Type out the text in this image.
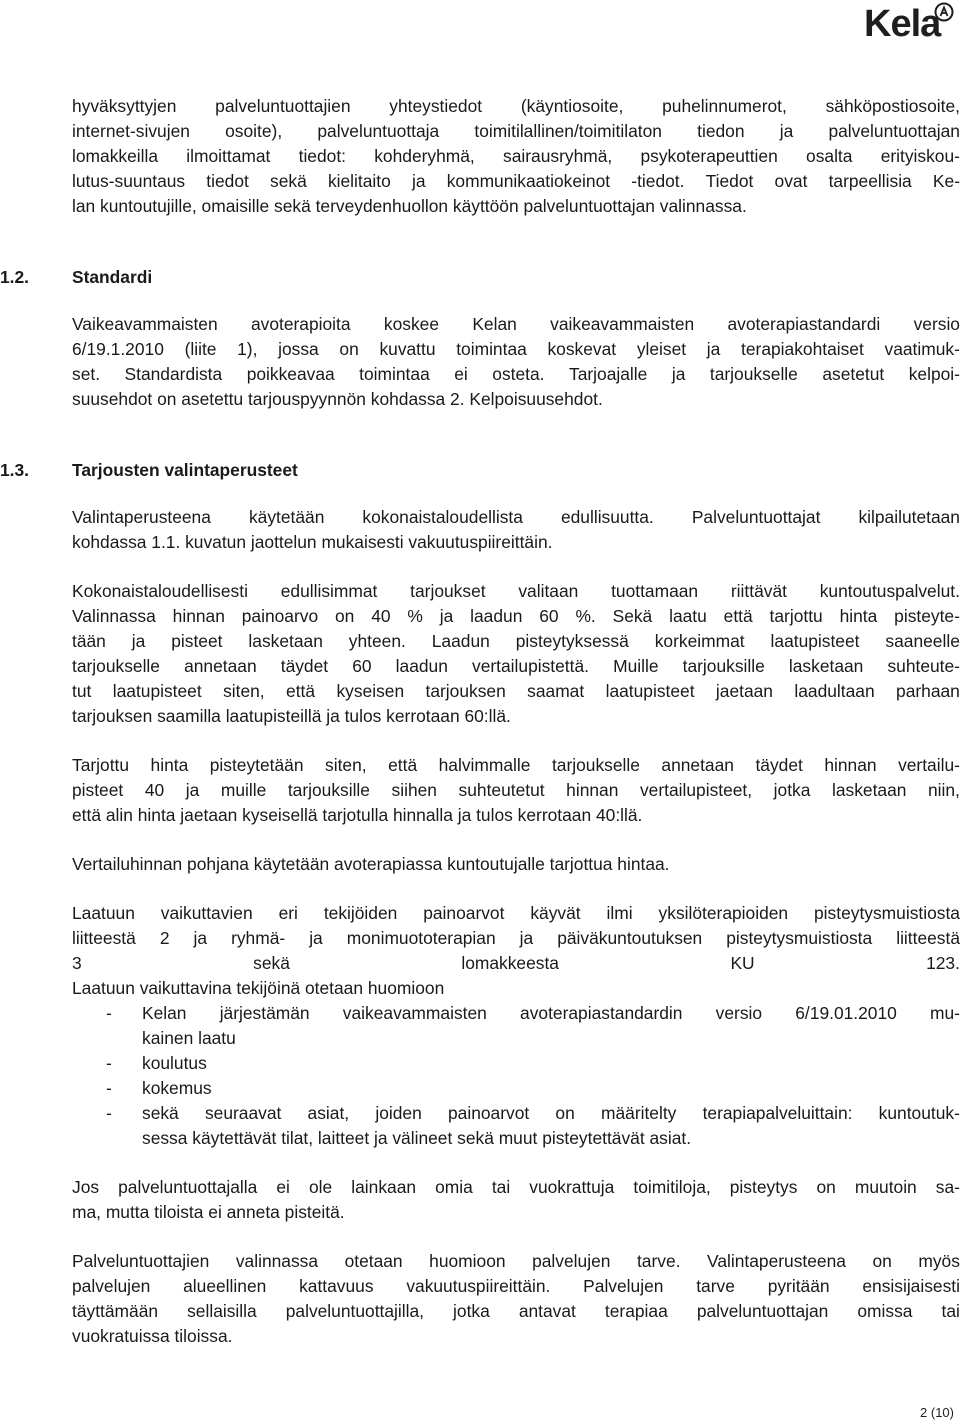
Kela
hyväksyttyjen palveluntuottajien yhteystiedot (käyntiosoite, puhelinnumerot, sähköpostiosoite,
internet-sivujen osoite), palveluntuottaja toimitilallinen/toimitilaton tiedon ja palveluntuottajan
lomakkeilla ilmoittamat tiedot: kohderyhmä, sairausryhmä, psykoterapeuttien osalta erityiskou-
lutus-suuntaus tiedot sekä kielitaito ja kommunikaatiokeinot -tiedot. Tiedot ovat tarpeellisia Ke-
lan kuntoutujille, omaisille sekä terveydenhuollon käyttöön palveluntuottajan valinnassa.
1.2. Standardi
Vaikeavammaisten avoterapioita koskee Kelan vaikeavammaisten avoterapiastandardi versio
6/19.1.2010 (liite 1), jossa on kuvattu toimintaa koskevat yleiset ja terapiakohtaiset vaatimuk-
set. Standardista poikkeavaa toimintaa ei osteta. Tarjoajalle ja tarjoukselle asetetut kelpoi-
suusehdot on asetettu tarjouspyynnön kohdassa 2. Kelpoisuusehdot.
1.3. Tarjousten valintaperusteet
Valintaperusteena käytetään kokonaistaloudellista edullisuutta. Palveluntuottajat kilpailutetaan
kohdassa 1.1. kuvatun jaottelun mukaisesti vakuutuspiireittäin.
Kokonaistaloudellisesti edullisimmat tarjoukset valitaan tuottamaan riittävät kuntoutuspalvelut.
Valinnassa hinnan painoarvo on 40 % ja laadun 60 %. Sekä laatu että tarjottu hinta pisteyte-
tään ja pisteet lasketaan yhteen. Laadun pisteytyksessä korkeimmat laatupisteet saaneelle
tarjoukselle annetaan täydet 60 laadun vertailupistettä. Muille tarjouksille lasketaan suhteute-
tut laatupisteet siten, että kyseisen tarjouksen saamat laatupisteet jaetaan laadultaan parhaan
tarjouksen saamilla laatupisteillä ja tulos kerrotaan 60:llä.
Tarjottu hinta pisteytetään siten, että halvimmalle tarjoukselle annetaan täydet hinnan vertailu-
pisteet 40 ja muille tarjouksille siihen suhteutetut hinnan vertailupisteet, jotka lasketaan niin,
että alin hinta jaetaan kyseisellä tarjotulla hinnalla ja tulos kerrotaan 40:llä.
Vertailuhinnan pohjana käytetään avoterapiassa kuntoutujalle tarjottua hintaa.
Laatuun vaikuttavien eri tekijöiden painoarvot käyvät ilmi yksilöterapioiden pisteytysmuistiosta
liitteestä 2 ja ryhmä- ja monimuototerapian ja päiväkuntoutuksen pisteytysmuistiosta liitteestä
3	sekä	lomakkeesta	KU	123.
Laatuun vaikuttavina tekijöinä otetaan huomioon
- Kelan järjestämän vaikeavammaisten avoterapiastandardin versio 6/19.01.2010 mu-
kainen laatu
- koulutus
- kokemus
- sekä seuraavat asiat, joiden painoarvot on määritelty terapiapalveluittain: kuntoutuk-
sessa käytettävät tilat, laitteet ja välineet sekä muut pisteytettävät asiat.
Jos palveluntuottajalla ei ole lainkaan omia tai vuokrattuja toimitiloja, pisteytys on muutoin sa-
ma, mutta tiloista ei anneta pisteitä.
Palveluntuottajien valinnassa otetaan huomioon palvelujen tarve. Valintaperusteena on myös
palvelujen alueellinen kattavuus vakuutuspiireittäin. Palvelujen tarve pyritään ensisijaisesti
täyttämään sellaisilla palveluntuottajilla, jotka antavat terapiaa palveluntuottajan omissa tai
vuokratuissa tiloissa.
2 (10)
